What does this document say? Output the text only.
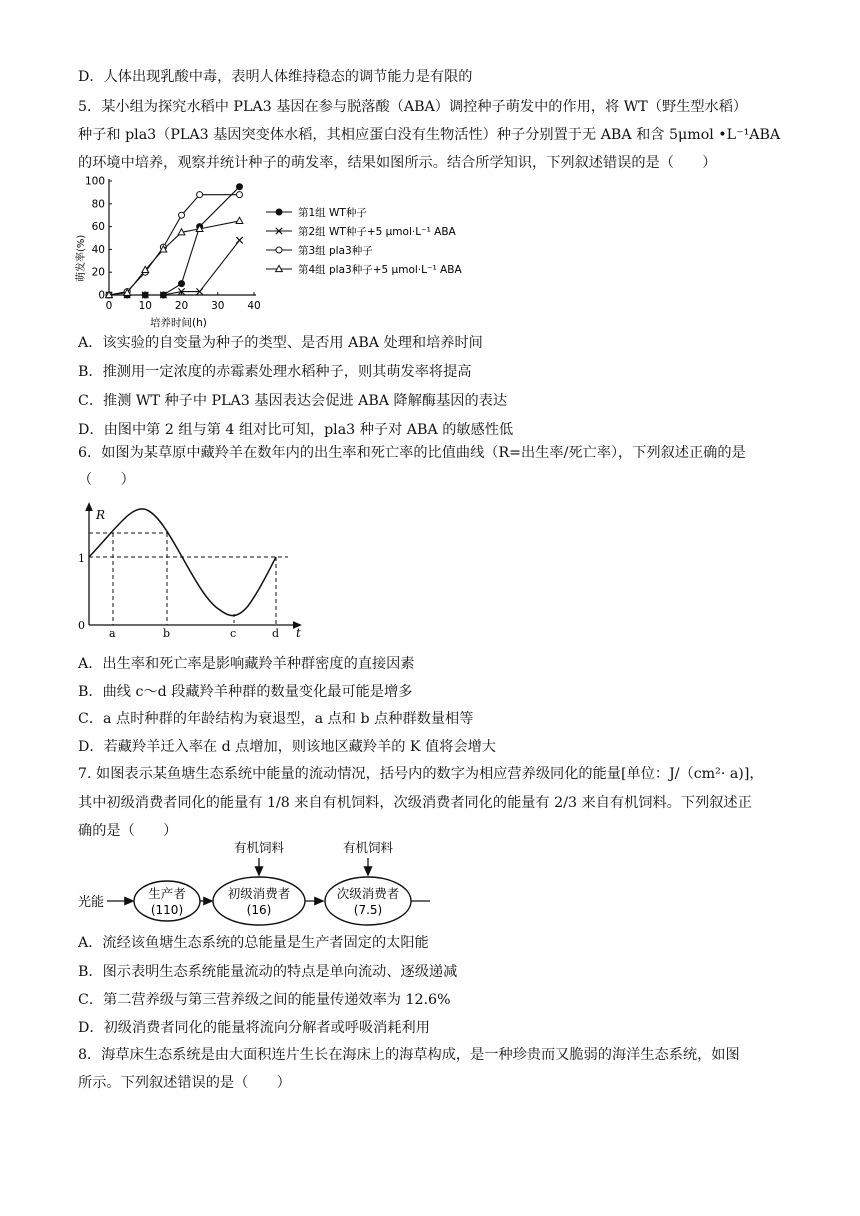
D．人体出现乳酸中毒，表明人体维持稳态的调节能力是有限的
5．某小组为探究水稻中 PLA3 基因在参与脱落酸（ABA）调控种子萌发中的作用，将 WT（野生型水稻）
种子和 pla3（PLA3 基因突变体水稻，其相应蛋白没有生物活性）种子分别置于无 ABA 和含 5μmol •L⁻¹ABA
的环境中培养，观察并统计种子的萌发率，结果如图所示。结合所学知识，下列叙述错误的是（　　）
0 10 20 30 40
0
20
40
60
80
100
第1组 WT种子
第2组 WT种子+5 μmol·L⁻¹ ABA
第3组 pla3种子
第4组 pla3种子+5 μmol·L⁻¹ ABA
萌发率(%)
培养时间(h)
A．该实验的自变量为种子的类型、是否用 ABA 处理和培养时间
B．推测用一定浓度的赤霉素处理水稻种子，则其萌发率将提高
C．推测 WT 种子中 PLA3 基因表达会促进 ABA 降解酶基因的表达
D．由图中第 2 组与第 4 组对比可知，pla3 种子对 ABA 的敏感性低
6．如图为某草原中藏羚羊在数年内的出生率和死亡率的比值曲线（R=出生率/死亡率），下列叙述正确的是
（　　）
R
t
1
0
a	b	c	d
A．出生率和死亡率是影响藏羚羊种群密度的直接因素
B．曲线 c～d 段藏羚羊种群的数量变化最可能是增多
C．a 点时种群的年龄结构为衰退型，a 点和 b 点种群数量相等
D．若藏羚羊迁入率在 d 点增加，则该地区藏羚羊的 K 值将会增大
7. 如图表示某鱼塘生态系统中能量的流动情况，括号内的数字为相应营养级同化的能量[单位：J/（cm²· a)]，
其中初级消费者同化的能量有 1/8 来自有机饲料，次级消费者同化的能量有 2/3 来自有机饲料。下列叙述正
确的是（　　）
光能
生产者
(110)
初级消费者
(16)
次级消费者
(7.5)
有机饲料	有机饲料
A．流经该鱼塘生态系统的总能量是生产者固定的太阳能
B．图示表明生态系统能量流动的特点是单向流动、逐级递减
C．第二营养级与第三营养级之间的能量传递效率为 12.6%
D．初级消费者同化的能量将流向分解者或呼吸消耗利用
8．海草床生态系统是由大面积连片生长在海床上的海草构成，是一种珍贵而又脆弱的海洋生态系统，如图
所示。下列叙述错误的是（　　）
